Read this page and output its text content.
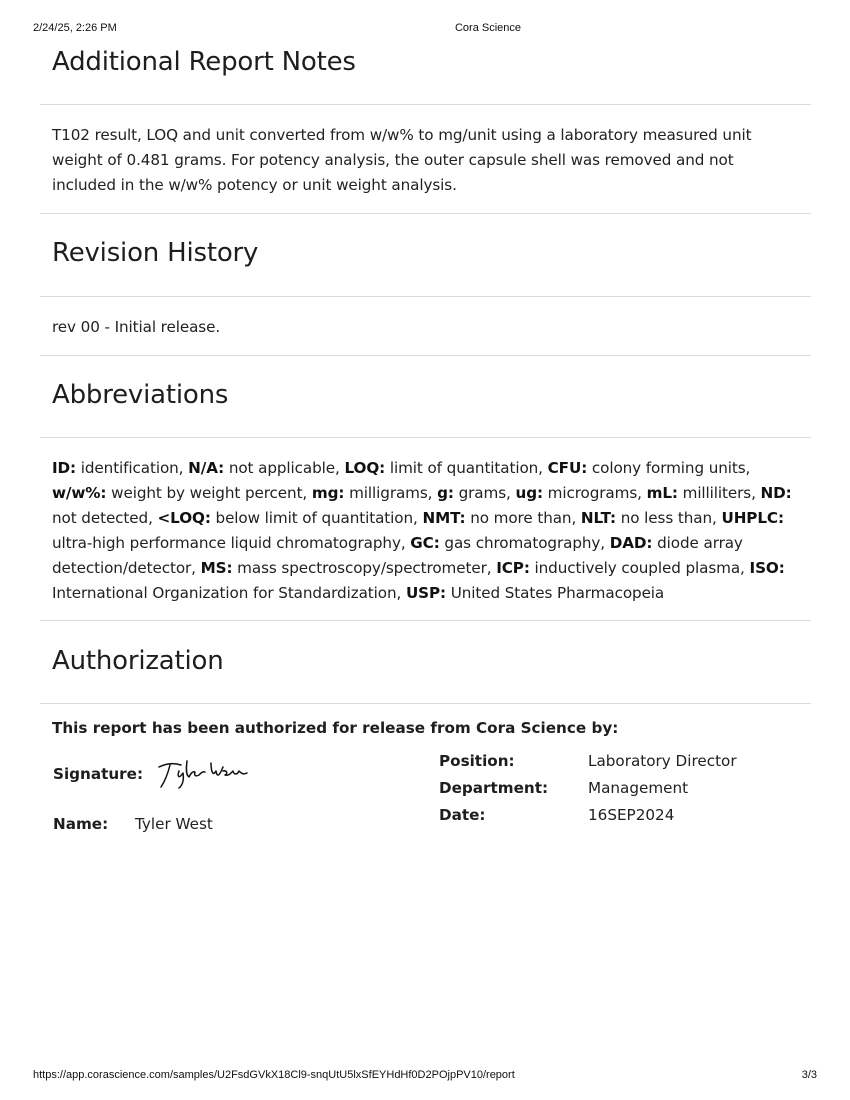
2/24/25, 2:26 PM	Cora Science
Additional Report Notes

T102 result, LOQ and unit converted from w/w% to mg/unit using a laboratory measured unit weight of 0.481 grams. For potency analysis, the outer capsule shell was removed and not included in the w/w% potency or unit weight analysis.

Revision History

rev 00 - Initial release.

Abbreviations

ID: identification, N/A: not applicable, LOQ: limit of quantitation, CFU: colony forming units, w/w%: weight by weight percent, mg: milligrams, g: grams, ug: micrograms, mL: milliliters, ND: not detected, <LOQ: below limit of quantitation, NMT: no more than, NLT: no less than, UHPLC: ultra-high performance liquid chromatography, GC: gas chromatography, DAD: diode array detection/detector, MS: mass spectroscopy/spectrometer, ICP: inductively coupled plasma, ISO: International Organization for Standardization, USP: United States Pharmacopeia

Authorization
This report has been authorized for release from Cora Science by:
Signature:
Name: Tyler West
Position:	Laboratory Director
Department:	Management
Date:	16SEP2024
https://app.corascience.com/samples/U2FsdGVkX18Cl9-snqUtU5lxSfEYHdHf0D2POjpPV10/report	3/3
